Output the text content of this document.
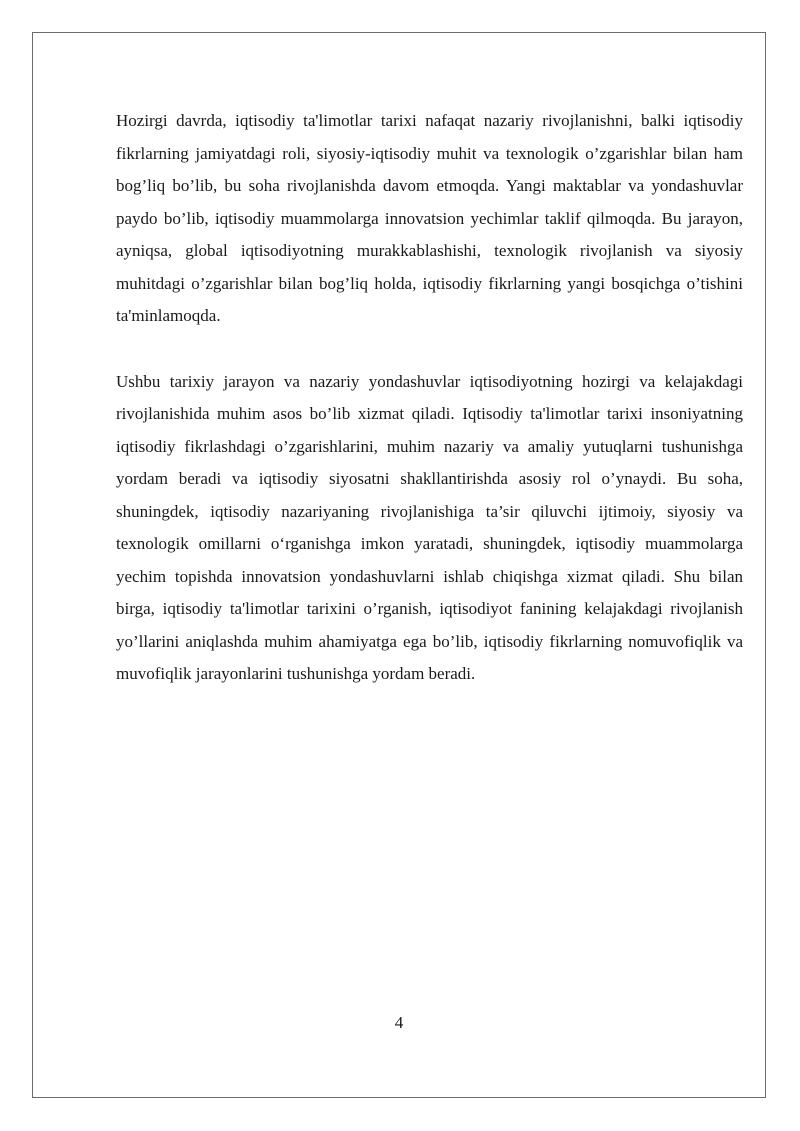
Hozirgi davrda, iqtisodiy ta'limotlar tarixi nafaqat nazariy rivojlanishni, balki iqtisodiy fikrlarning jamiyatdagi roli, siyosiy-iqtisodiy muhit va texnologik o’zgarishlar bilan ham bog’liq bo’lib, bu soha rivojlanishda davom etmoqda. Yangi maktablar va yondashuvlar paydo bo’lib, iqtisodiy muammolarga innovatsion yechimlar taklif qilmoqda. Bu jarayon, ayniqsa, global iqtisodiyotning murakkablashishi, texnologik rivojlanish va siyosiy muhitdagi o’zgarishlar bilan bog’liq holda, iqtisodiy fikrlarning yangi bosqichga o’tishini ta'minlamoqda.

Ushbu tarixiy jarayon va nazariy yondashuvlar iqtisodiyotning hozirgi va kelajakdagi rivojlanishida muhim asos bo’lib xizmat qiladi. Iqtisodiy ta'limotlar tarixi insoniyatning iqtisodiy fikrlashdagi o’zgarishlarini, muhim nazariy va amaliy yutuqlarni tushunishga yordam beradi va iqtisodiy siyosatni shakllantirishda asosiy rol o’ynaydi. Bu soha, shuningdek, iqtisodiy nazariyaning rivojlanishiga ta’sir qiluvchi ijtimoiy, siyosiy va texnologik omillarni o‘rganishga imkon yaratadi, shuningdek, iqtisodiy muammolarga yechim topishda innovatsion yondashuvlarni ishlab chiqishga xizmat qiladi. Shu bilan birga, iqtisodiy ta'limotlar tarixini o’rganish, iqtisodiyot fanining kelajakdagi rivojlanish yo’llarini aniqlashda muhim ahamiyatga ega bo’lib, iqtisodiy fikrlarning nomuvofiqlik va muvofiqlik jarayonlarini tushunishga yordam beradi.

4
